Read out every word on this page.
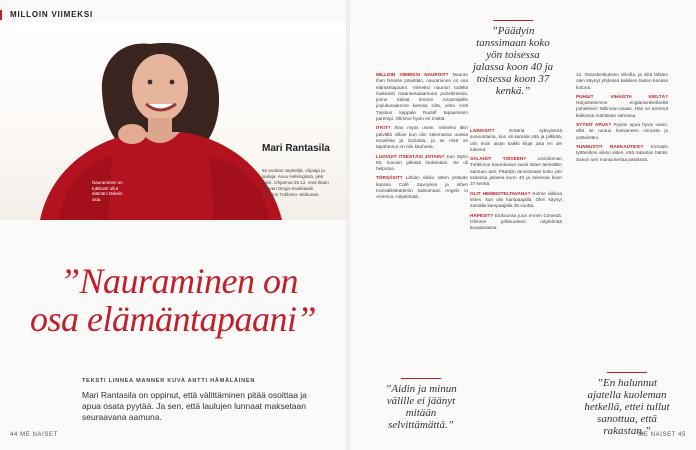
MILLOIN VIIMEKSI
Nauraminen on tutkitusti ollut elämäni tärkein asia.
Mari Rantasila
61-vuotias näyttelijä, ohjaaja ja laulaja. Asuu Helsingissä, yksi lapsi. Ohjannut 25.12. ensi-iltaan tulevan Dingo-musikaalin Levoton Tuhkimo -elokuvan.
”Nauraminen on

osa elämäntapaani”
TEKSTI LINNEA MANNER KUVA ANTTI HÄMÄLÄINEN
Mari Rantasila on oppinut, että välittäminen pitää osoittaa ja apua osata pyytää. Ja sen, että laulujen lunnaat maksetaan seuraavana aamuna.
44 ME NAISET

MILLOIN VIIMEKSI NAUROIT? Nauran ihan hirveän päivittäin, nauraminen on osa elämäntapaani. Viimeksi nauroin todella makeasti maanantaiaamuna puhelimessa, jonne tulivat lemme Airosmäjelle joulukuvaamme kanssa siitä, onko Antti Tuiskun kappale Rudolf tapaamisen parempi. Olimme hyvin eri mieltä.

ITKIT? Ihan myös usein. Viimeksi itkin päivällä silloin kun olin lukemassa uutisia Israelista ja Gazasta, ja se mitä on tapahtunut on niin kauheaa.

LUOVUIT ITSESTÄSI JOTAIN? Kun täytin 60, luovuin pitkistä hiuksistani. Se oli helpotus.

TÖRSÄSIT? Lähdin viikko sitten ystävän kanssa Café Savoyssa ja sitten Kansallisteatteriin katsomaan Angels in America -näytelmää.

”Päädyin tanssimaan koko yön toisessa jalassa koon 40 ja toisessa koon 37 kenkä.”

LAINASIT?	Eräänä syksyisenä sunnuntaina, kun oli kamala sää ja pilkkää, otin esiin aivan kaikki kirjat joita en ole lukenut.

SALAISIT TOIVEEN? Levottoman Tuhkimon karonkassa vuosi sitten tanssittiin aamuun asti. Päädyin tanssimaan koko yön toisessa jalassa koon 40 ja toisessa koon 37 kenkä.

OLIT HEMMOTELTAVANA? Kolme viikkoa sitten, kun olin kampaajalla. Olen käynyt samalla kampaajalla 35 vuotta.

HÄPESIT? Elokuussa juuri ennen Cirsestä. Olimme julkisuuteen näytelmää kuvaamassa.

”Aidin ja minun välille ei jäänyt mitään selvittämättä.”

12. Ostoskeskuksen viikolla, ja siitä lähtien olen käynyt yhdessä kaikkien lasten kanssa kotona.

PUHUIT VIHAISTA KIELTÄ? Harjoittelemme englanninkieliseltä puhelimen Tallinnan-osaan. Hän on toiminut kaikessa mahtavan vahvana.

SYYDIT APUA? Pyysin apua hyvin usein, sillä se tuntuu kasvaneen minusta ja ystävistäni.

TUNNUSTIT RAKKAUTESI? Korvatin tyttärelleni viikko sitten, että rakastan häntä. Sanon sen monta kertaa päivässä.

”En halunnut ajatella kuoleman hetkellä, ettei tullut sanottua, että rakastan.”
ME NAISET 45
